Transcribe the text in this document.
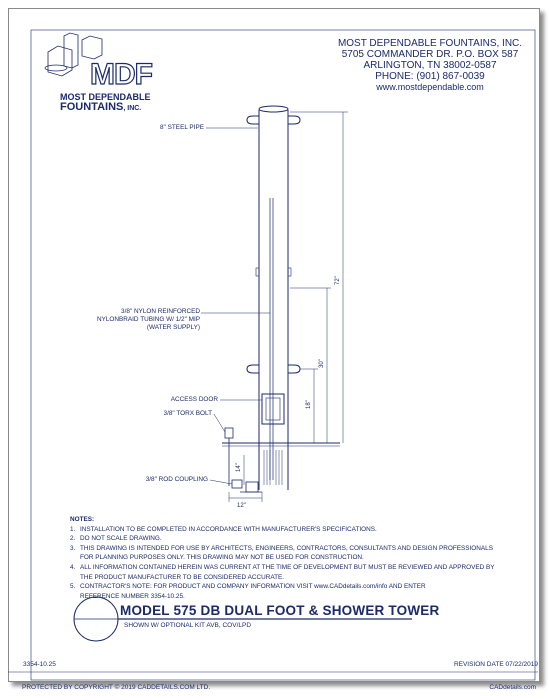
MDF
72"
30"
18"
14"
12"
MOST DEPENDABLE
FOUNTAINS, INC.
MOST DEPENDABLE FOUNTAINS, INC.
5705 COMMANDER DR. P.O. BOX 587
ARLINGTON, TN 38002-0587
PHONE: (901) 867-0039
www.mostdependable.com
8" STEEL PIPE
3/8" NYLON REINFORCED
NYLONBRAID TUBING W/ 1/2" MIP
(WATER SUPPLY)
ACCESS DOOR
3/8" TORX BOLT
3/8" ROD COUPLING
NOTES:
1. INSTALLATION TO BE COMPLETED IN ACCORDANCE WITH MANUFACTURER'S SPECIFICATIONS.
2. DO NOT SCALE DRAWING.
3. THIS DRAWING IS INTENDED FOR USE BY ARCHITECTS, ENGINEERS, CONTRACTORS, CONSULTANTS AND DESIGN PROFESSIONALS
FOR PLANNING PURPOSES ONLY. THIS DRAWING MAY NOT BE USED FOR CONSTRUCTION.
4. ALL INFORMATION CONTAINED HEREIN WAS CURRENT AT THE TIME OF DEVELOPMENT BUT MUST BE REVIEWED AND APPROVED BY
THE PRODUCT MANUFACTURER TO BE CONSIDERED ACCURATE.
5. CONTRACTOR'S NOTE: FOR PRODUCT AND COMPANY INFORMATION VISIT www.CADdetails.com/info AND ENTER
REFERENCE NUMBER 3354-10.25.
MODEL 575 DB DUAL FOOT & SHOWER TOWER
SHOWN W/ OPTIONAL KIT AVB, COV/LPD
3354-10.25	REVISION DATE 07/22/2019
PROTECTED BY COPYRIGHT © 2019 CADDETAILS.COM LTD.	CADdetails.com
